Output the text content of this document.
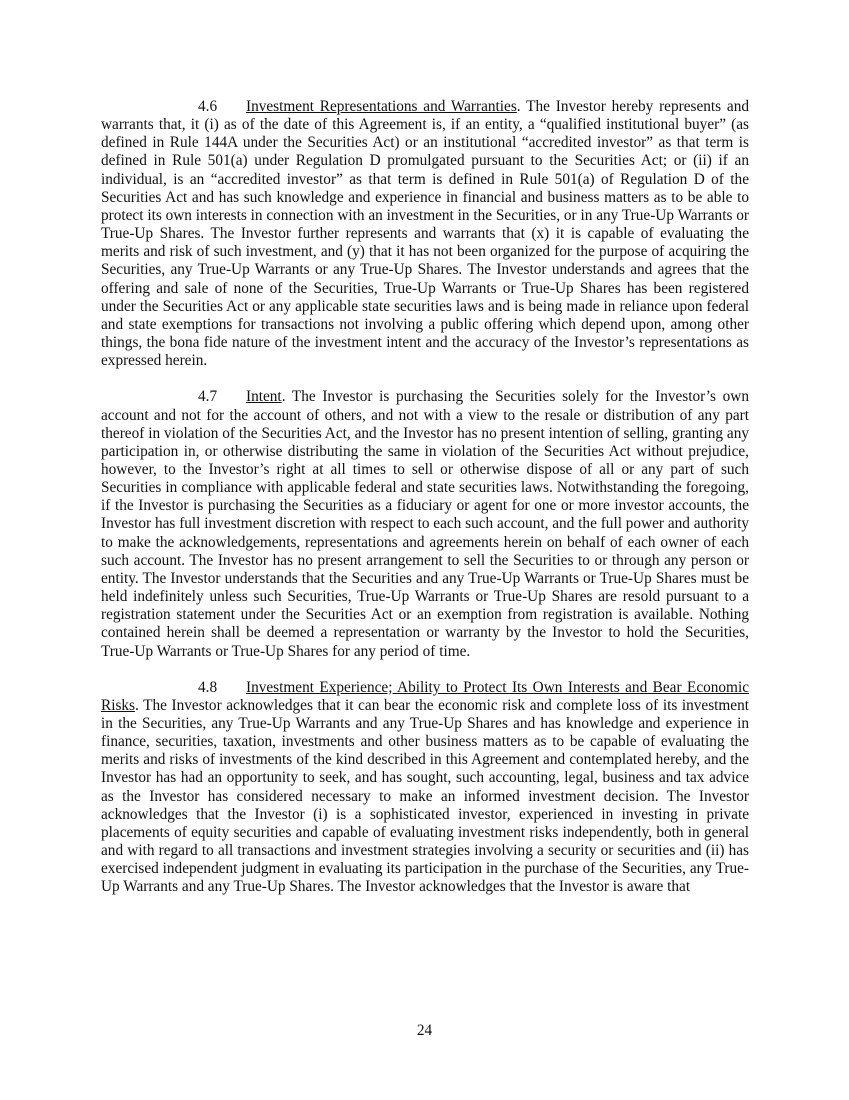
4.6 Investment Representations and Warranties. The Investor hereby represents and warrants that, it (i) as of the date of this Agreement is, if an entity, a “qualified institutional buyer” (as defined in Rule 144A under the Securities Act) or an institutional “accredited investor” as that term is defined in Rule 501(a) under Regulation D promulgated pursuant to the Securities Act; or (ii) if an individual, is an “accredited investor” as that term is defined in Rule 501(a) of Regulation D of the Securities Act and has such knowledge and experience in financial and business matters as to be able to protect its own interests in connection with an investment in the Securities, or in any True-Up Warrants or True-Up Shares. The Investor further represents and warrants that (x) it is capable of evaluating the merits and risk of such investment, and (y) that it has not been organized for the purpose of acquiring the Securities, any True-Up Warrants or any True-Up Shares. The Investor understands and agrees that the offering and sale of none of the Securities, True-Up Warrants or True-Up Shares has been registered under the Securities Act or any applicable state securities laws and is being made in reliance upon federal and state exemptions for transactions not involving a public offering which depend upon, among other things, the bona fide nature of the investment intent and the accuracy of the Investor’s representations as expressed herein.

4.7 Intent. The Investor is purchasing the Securities solely for the Investor’s own account and not for the account of others, and not with a view to the resale or distribution of any part thereof in violation of the Securities Act, and the Investor has no present intention of selling, granting any participation in, or otherwise distributing the same in violation of the Securities Act without prejudice, however, to the Investor’s right at all times to sell or otherwise dispose of all or any part of such Securities in compliance with applicable federal and state securities laws. Notwithstanding the foregoing, if the Investor is purchasing the Securities as a fiduciary or agent for one or more investor accounts, the Investor has full investment discretion with respect to each such account, and the full power and authority to make the acknowledgements, representations and agreements herein on behalf of each owner of each such account. The Investor has no present arrangement to sell the Securities to or through any person or entity. The Investor understands that the Securities and any True-Up Warrants or True-Up Shares must be held indefinitely unless such Securities, True-Up Warrants or True-Up Shares are resold pursuant to a registration statement under the Securities Act or an exemption from registration is available. Nothing contained herein shall be deemed a representation or warranty by the Investor to hold the Securities, True-Up Warrants or True-Up Shares for any period of time.

4.8 Investment Experience; Ability to Protect Its Own Interests and Bear Economic Risks. The Investor acknowledges that it can bear the economic risk and complete loss of its investment in the Securities, any True-Up Warrants and any True-Up Shares and has knowledge and experience in finance, securities, taxation, investments and other business matters as to be capable of evaluating the merits and risks of investments of the kind described in this Agreement and contemplated hereby, and the Investor has had an opportunity to seek, and has sought, such accounting, legal, business and tax advice as the Investor has considered necessary to make an informed investment decision. The Investor acknowledges that the Investor (i) is a sophisticated investor, experienced in investing in private placements of equity securities and capable of evaluating investment risks independently, both in general and with regard to all transactions and investment strategies involving a security or securities and (ii) has exercised independent judgment in evaluating its participation in the purchase of the Securities, any True-Up Warrants and any True-Up Shares. The Investor acknowledges that the Investor is aware that

24
